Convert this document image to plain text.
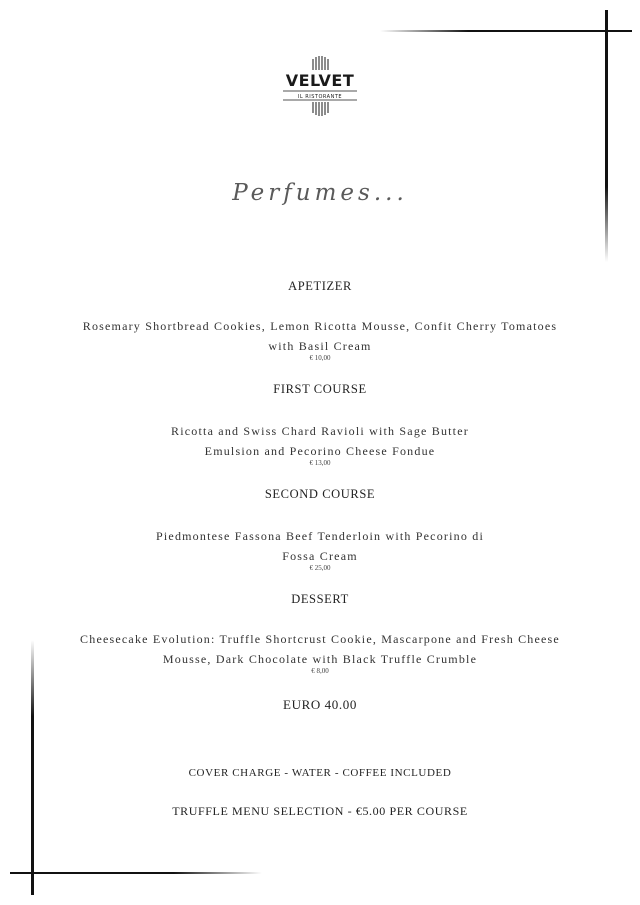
VELVET
IL RISTORANTE
Perfumes...

APETIZER

Rosemary Shortbread Cookies, Lemon Ricotta Mousse, Confit Cherry Tomatoes

with Basil Cream

€ 10,00

FIRST COURSE

Ricotta and Swiss Chard Ravioli with Sage Butter

Emulsion and Pecorino Cheese Fondue

€ 13,00

SECOND COURSE

Piedmontese Fassona Beef Tenderloin with Pecorino di

Fossa Cream

€ 25,00

DESSERT

Cheesecake Evolution: Truffle Shortcrust Cookie, Mascarpone and Fresh Cheese

Mousse, Dark Chocolate with Black Truffle Crumble

€ 8,00

EURO 40.00

COVER CHARGE - WATER - COFFEE INCLUDED

TRUFFLE MENU SELECTION - €5.00 PER COURSE
